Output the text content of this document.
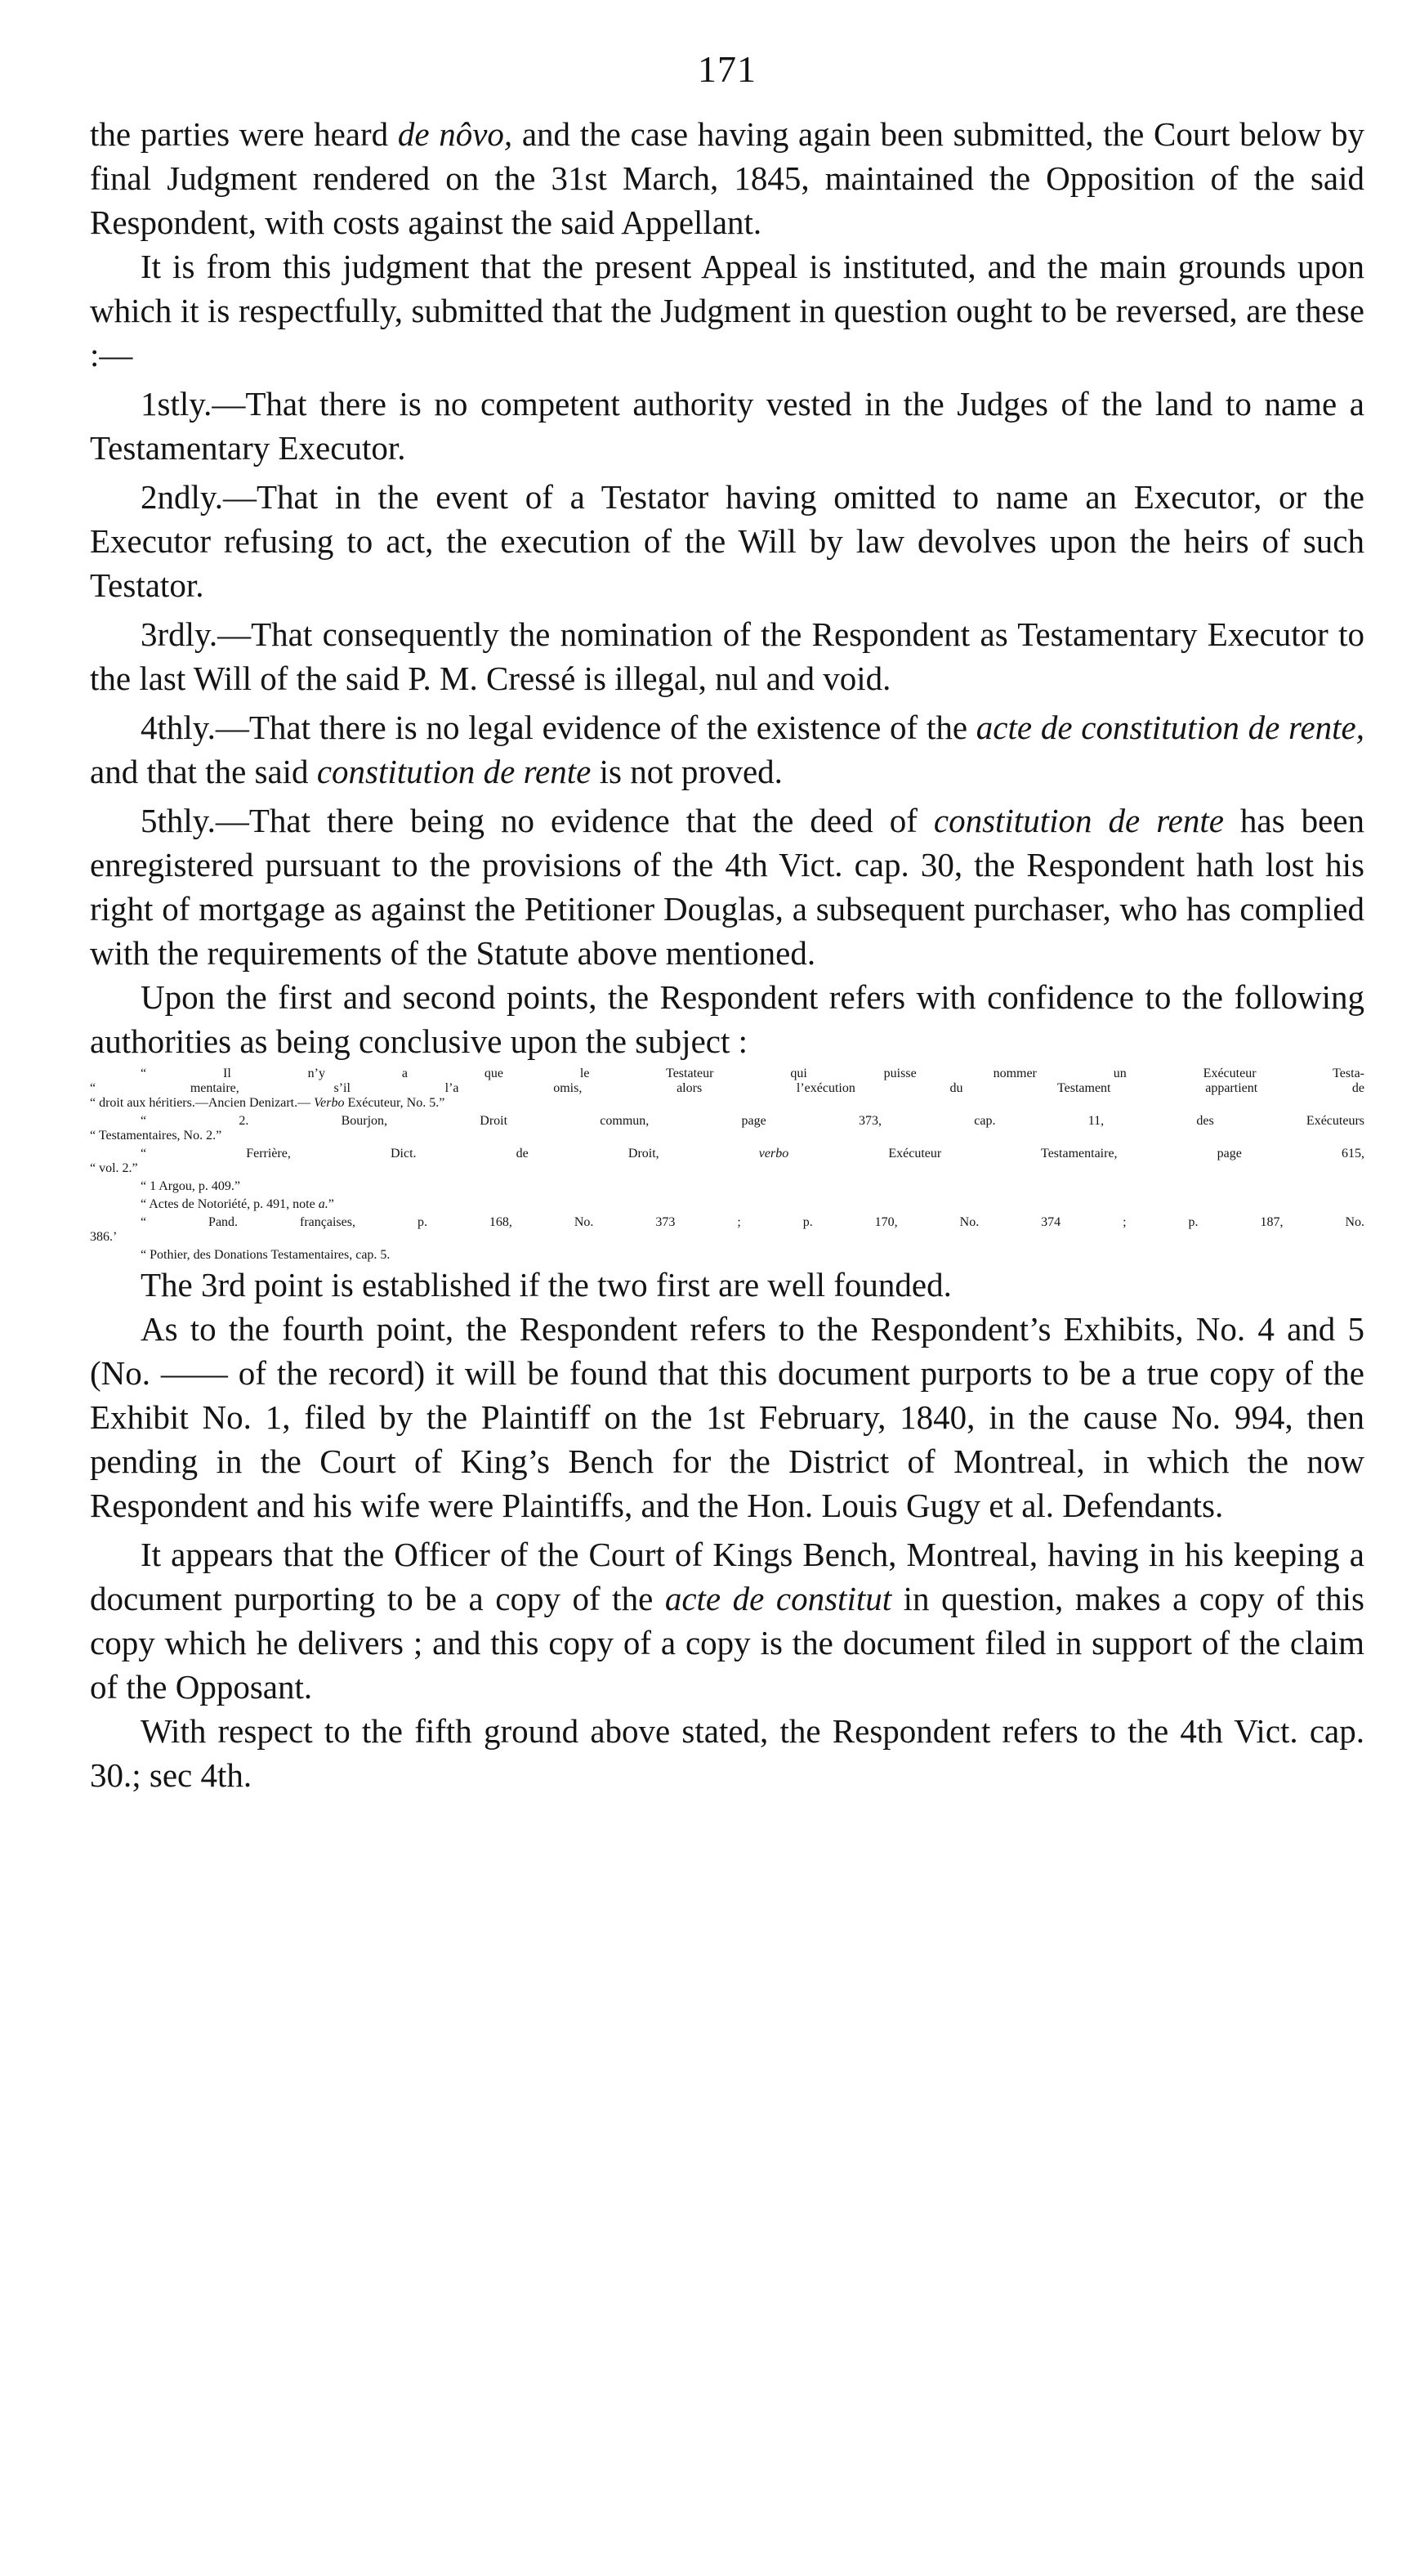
171

the parties were heard de nôvo, and the case having again been submitted, the Court below by final Judgment rendered on the 31st March, 1845, maintained the Opposition of the said Respondent, with costs against the said Appellant.

It is from this judgment that the present Appeal is instituted, and the main grounds upon which it is respectfully, submitted that the Judgment in question ought to be reversed, are these :—

1stly.—That there is no competent authority vested in the Judges of the land to name a Testamentary Executor.

2ndly.—That in the event of a Testator having omitted to name an Executor, or the Executor refusing to act, the execution of the Will by law devolves upon the heirs of such Testator.

3rdly.—That consequently the nomination of the Respondent as Testamentary Executor to the last Will of the said P. M. Cressé is illegal, nul and void.

4thly.—That there is no legal evidence of the existence of the acte de constitution de rente, and that the said constitution de rente is not proved.

5thly.—That there being no evidence that the deed of constitution de rente has been enregistered pursuant to the provisions of the 4th Vict. cap. 30, the Respondent hath lost his right of mortgage as against the Petitioner Douglas, a subsequent purchaser, who has complied with the requirements of the Statute above mentioned.

Upon the first and second points, the Respondent refers with confidence to the following authorities as being conclusive upon the subject :

“ Il n’y a que le Testateur qui puisse nommer un Exécuteur Testa-
“ mentaire, s’il l’a omis, alors l’exécution du Testament appartient de
“ droit aux héritiers.—Ancien Denizart.— Verbo Exécuteur, No. 5.”
“ 2. Bourjon, Droit commun, page 373, cap. 11, des Exécuteurs
“ Testamentaires, No. 2.”
“ Ferrière, Dict. de Droit, verbo Exécuteur Testamentaire, page 615,
“ vol. 2.”
“ 1 Argou, p. 409.”
“ Actes de Notoriété, p. 491, note a.”
“ Pand. françaises, p. 168, No. 373 ; p. 170, No. 374 ; p. 187, No.
386.’
“ Pothier, des Donations Testamentaires, cap. 5.

The 3rd point is established if the two first are well founded.

As to the fourth point, the Respondent refers to the Respondent’s Exhibits, No. 4 and 5 (No. —— of the record) it will be found that this document purports to be a true copy of the Exhibit No. 1, filed by the Plaintiff on the 1st February, 1840, in the cause No. 994, then pending in the Court of King’s Bench for the District of Montreal, in which the now Respondent and his wife were Plaintiffs, and the Hon. Louis Gugy et al. Defendants.

It appears that the Officer of the Court of Kings Bench, Montreal, having in his keeping a document purporting to be a copy of the acte de constitut in question, makes a copy of this copy which he delivers ; and this copy of a copy is the document filed in support of the claim of the Opposant.

With respect to the fifth ground above stated, the Respondent refers to the 4th Vict. cap. 30.; sec 4th.
